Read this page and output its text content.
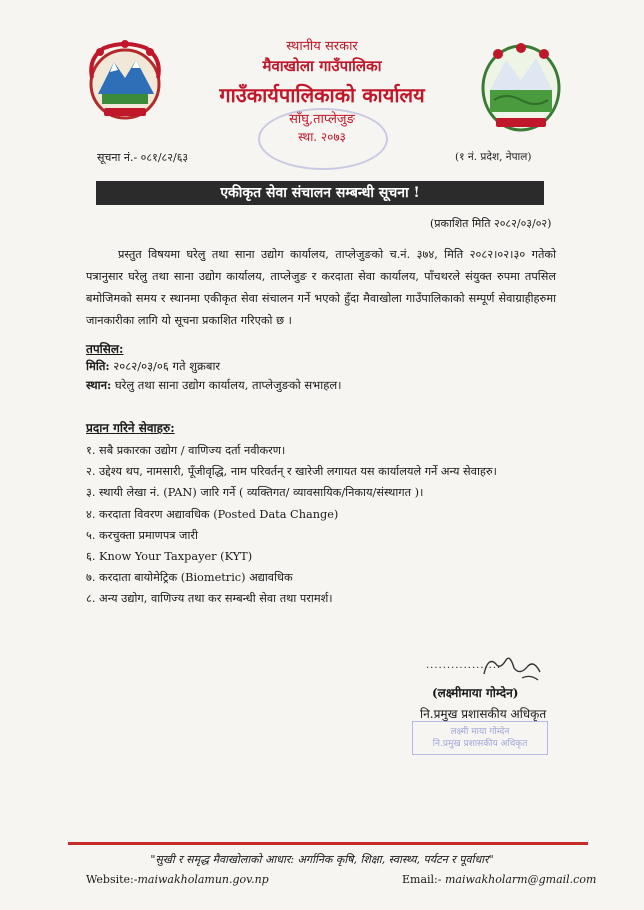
स्थानीय सरकार
मैवाखोला गाउँपालिका
गाउँकार्यपालिकाको कार्यालय
साँघु,ताप्लेजुङ
स्था. २०७३
सूचना नं.- ०८१/८२/६३	(१ नं. प्रदेश, नेपाल)
एकीकृत सेवा संचालन सम्बन्धी सूचना !
(प्रकाशित मिति २०८२/०३/०२)
प्रस्तुत विषयमा घरेलु तथा साना उद्योग कार्यालय, ताप्लेजुङको च.नं. ३७४, मिति २०८२।०२।३० गतेको पत्रानुसार घरेलु तथा साना उद्योग कार्यालय, ताप्लेजुङ र करदाता सेवा कार्यालय, पाँचथरले संयुक्त रुपमा तपसिल बमोजिमको समय र स्थानमा एकीकृत सेवा संचालन गर्ने भएको हुँदा मैवाखोला गाउँपालिकाको सम्पूर्ण सेवाग्राहीहरुमा जानकारीका लागि यो सूचना प्रकाशित गरिएको छ ।
तपसिल:
मिति: २०८२/०३/०६ गते शुक्रबार
स्थान: घरेलु तथा साना उद्योग कार्यालय, ताप्लेजुङको सभाहल।
प्रदान गरिने सेवाहरु:
१. सबै प्रकारका उद्योग / वाणिज्य दर्ता नवीकरण।
२. उद्देश्य थप, नामसारी, पूँजीवृद्धि, नाम परिवर्तन् र खारेजी लगायत यस कार्यालयले गर्ने अन्य सेवाहरु।
३. स्थायी लेखा नं. (PAN) जारि गर्ने ( व्यक्तिगत/ व्यावसायिक/निकाय/संस्थागत )।
४. करदाता विवरण अद्यावधिक (Posted Data Change)
५. करचुक्ता प्रमाणपत्र जारी
६. Know Your Taxpayer (KYT)
७. करदाता बायोमेट्रिक (Biometric) अद्यावधिक
८. अन्य उद्योग, वाणिज्य तथा कर सम्बन्धी सेवा तथा परामर्श।
..................
(लक्ष्मीमाया गोम्देन)
नि.प्रमुख प्रशासकीय अधिकृत
लक्ष्मी माया गोम्देन
नि.प्रमुख प्रशासकीय अधिकृत
"सुखी र समृद्ध मैवाखोलाको आधार: अर्गानिक कृषि, शिक्षा, स्वास्थ्य, पर्यटन र पूर्वाधार"
Website:-maiwakholamun.gov.np	Email:- maiwakholarm@gmail.com
